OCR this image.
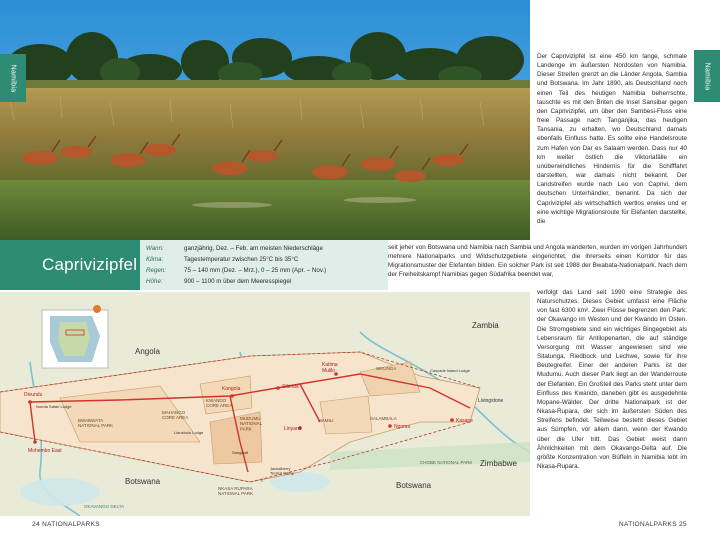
Namibia	Namibia
Caprivizipfel
Wann:	ganzjährig, Dez. – Feb. am meisten Niederschläge
Klima:	Tagestemperatur zwischen 25°C bis 35°C
Regen:	75 – 140 mm (Dez. – Mrz.), 0 – 25 mm (Apr. – Nov.)
Höhe:	900 – 1100 m über dem Meeresspiegel

Der Caprivizipfel ist eine 450 km lange, schmale Landenge im äußersten Nordosten von Namibia. Dieser Streifen grenzt an die Länder Angola, Sambia und Botswana. Im Jahr 1890, als Deutschland noch einen Teil des heutigen Namibia beherrschte, tauschte es mit den Briten die Insel Sansibar gegen den Caprivizipfel, um über den Sambesi-Fluss eine freie Passage nach Tanganjika, das heutigen Tansania, zu erhalten, wo Deutschland damals ebenfalls Einfluss hatte. Es sollte eine Handelsroute zum Hafen von Dar es Salaam werden. Dass nur 40 km weiter östlich die Viktoriafälle ein unüberwindliches Hindernis für die Schifffahrt darstellten, war damals nicht bekannt. Der Landstreifen wurde nach Leo von Caprivi, dem deutschen Unterhändler, benannt. Da sich der Caprivizipfel als wirtschaftlich wertlos erwies und er eine wichtige Migrationsroute für Elefanten darstellte, die

seit jeher von Botswana und Namibia nach Sambia und Angola wanderten, wurden im vorigen Jahrhundert mehrere Nationalparks und Wildschutzgebiete eingerichtet, die ihrerseits einen Korridor für das Migrationsmuster der Elefanten bilden. Ein solcher Park ist seit 1988 der Bwabata-Nationalpark. Nach dem der Freiheitskampf Namibias gegen Südafrika beendet war,

verfolgt das Land seit 1990 eine Strategie des Naturschutzes. Dieses Gebiet umfasst eine Fläche von fast 6300 km². Zwei Flüsse begrenzen den Park: der Okavango im Westen und der Kwando im Osten. Die Stromgebiete sind ein wichtiges Bingegebiet als Lebensraum für Antilopenarten, die auf ständige Versorgung mit Wasser angewiesen sind wie Sitatunga, Riedbock und Lechwe, sowie für ihre Beutegreifer. Einer der anderen Parks ist der Mudumu. Auch dieser Park liegt an der Wanderroute der Elefanten. Ein Großteil des Parks steht unter dem Einfluss des Kwando, daneben gibt es ausgedehnte Mopane-Wälder. Der dritte Nationalpark ist der Nkasa-Rupara, der sich im äußersten Süden des Streifens befindet. Teilweise besteht dieses Gebiet aus Sümpfen, vor allem dann, wenn der Kwando über die Ufer tritt. Das Gebiet weist dann Ähnlichkeiten mit dem Okavango-Delta auf. Die größte Konzentration von Büffeln in Namibia lebt im Nkasa-Rupara.

Angola
Zambia
Botswana	Botswana
Zimbabwe
BWABWATA NATIONAL PARK
MAHANGO CORE AREA
KWANDO CORE AREA
MUDUMU NATIONAL PARK
NKASA RUPARA NATIONAL PARK
MAMILI	SALAMBALA
SIKUNGA
CHOBE NATIONAL PARK
OKAVANGO DELTA
Divundu
Nunda Safari Lodge
Mohembo East
Kongola	Sibinda
Linyanti
Katima Mulilo
Ngoma
Kasane
Livingstone
Lianshulu Lodge
Jackalberry Tented Camp
Cascade Island Lodge
Sangwali
24 NATIONALPARKS	NATIONALPARKS 25
